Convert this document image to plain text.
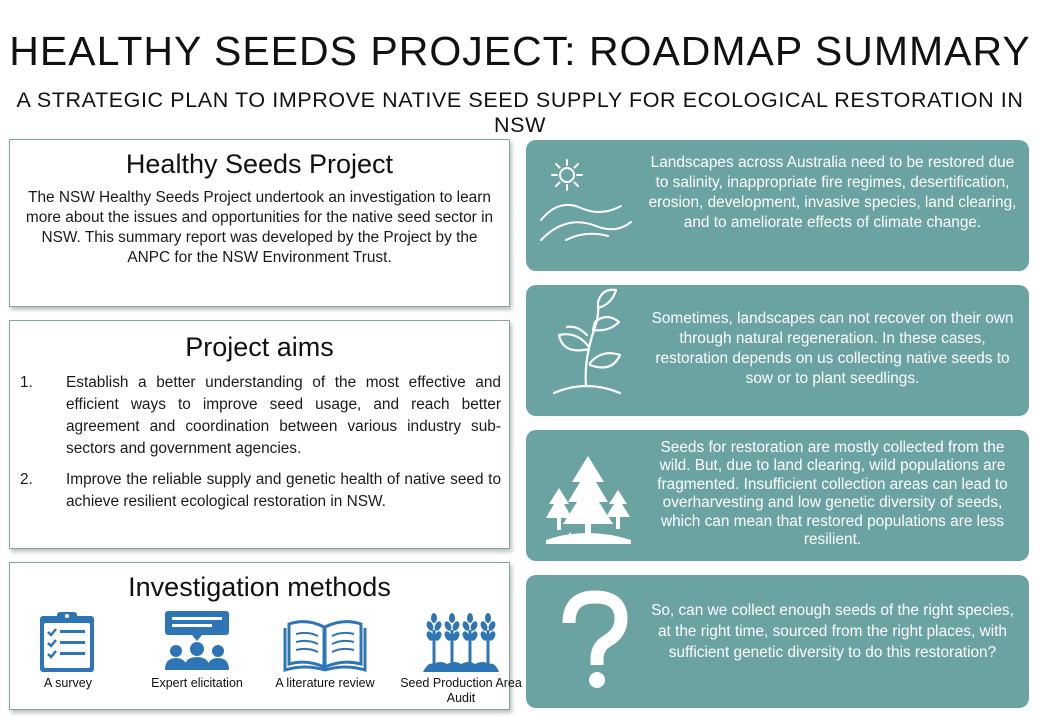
HEALTHY SEEDS PROJECT: ROADMAP SUMMARY
A STRATEGIC PLAN TO IMPROVE NATIVE SEED SUPPLY FOR ECOLOGICAL RESTORATION IN NSW
Healthy Seeds Project

The NSW Healthy Seeds Project undertook an investigation to learn more about the issues and opportunities for the native seed sector in NSW. This summary report was developed by the Project by the ANPC for the NSW Environment Trust.

Project aims
1.	Establish a better understanding of the most effective and efficient ways to improve seed usage, and reach better agreement and coordination between various industry sub-sectors and government agencies.
2.	Improve the reliable supply and genetic health of native seed to achieve resilient ecological restoration in NSW.
Investigation methods
A survey	Expert elicitation	A literature review	Seed Production Area Audit
Landscapes across Australia need to be restored due to salinity, inappropriate fire regimes, desertification, erosion, development, invasive species, land clearing, and to ameliorate effects of climate change.
Sometimes, landscapes can not recover on their own through natural regeneration. In these cases, restoration depends on us collecting native seeds to sow or to plant seedlings.
Seeds for restoration are mostly collected from the wild. But, due to land clearing, wild populations are fragmented. Insufficient collection areas can lead to overharvesting and low genetic diversity of seeds, which can mean that restored populations are less resilient.
So, can we collect enough seeds of the right species, at the right time, sourced from the right places, with sufficient genetic diversity to do this restoration?
